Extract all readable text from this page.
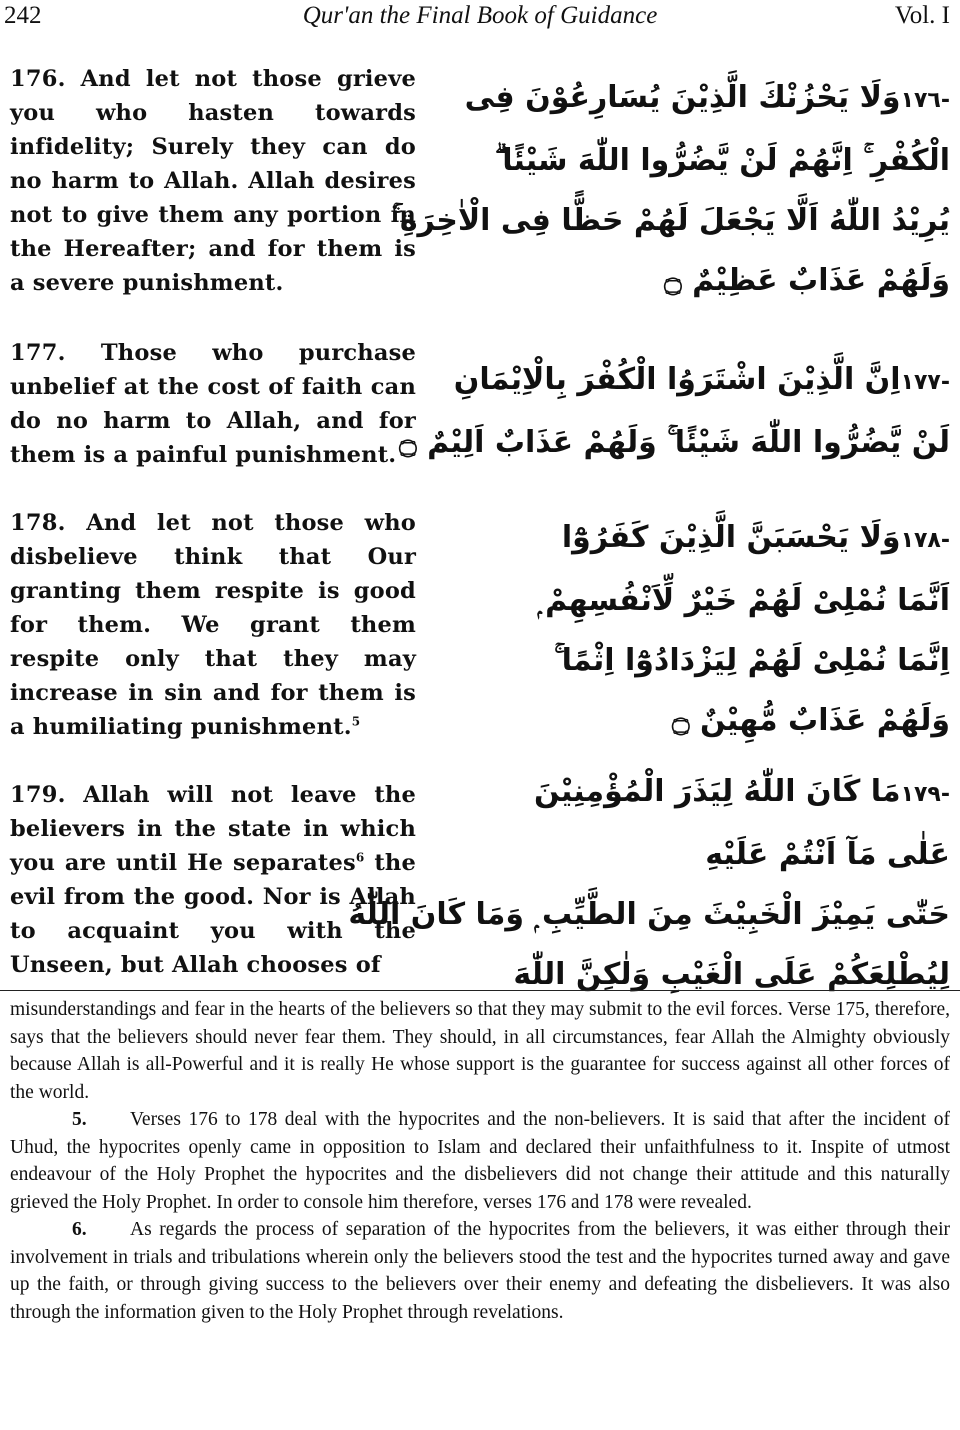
242	Qur'an the Final Book of Guidance	Vol. I
176. And let not those grieve you who hasten towards infidelity; Surely they can do no harm to Allah. Allah desires not to give them any portion in the Hereafter; and for them is a severe punishment.
-١٧٦وَلَا يَحْزُنْكَ الَّذِيْنَ يُسَارِعُوْنَ فِى
الْكُفْرِ ۚ اِنَّهُمْ لَنْ يَّضُرُّوا اللّٰهَ شَيْئًا ۗ
يُرِيْدُ اللّٰهُ اَلَّا يَجْعَلَ لَهُمْ حَظًّا فِى الْاٰخِرَةِ ۚ
وَلَهُمْ عَذَابٌ عَظِيْمٌ ۝
177. Those who purchase unbelief at the cost of faith can do no harm to Allah, and for them is a painful punishment.
-١٧٧اِنَّ الَّذِيْنَ اشْتَرَوُا الْكُفْرَ بِالْاِيْمَانِ
لَنْ يَّضُرُّوا اللّٰهَ شَيْئًا ۚ وَلَهُمْ عَذَابٌ اَلِيْمٌ ۝
178. And let not those who disbelieve think that Our granting them respite is good for them. We grant them respite only that they may increase in sin and for them is a humiliating punishment.$^5$
-١٧٨وَلَا يَحْسَبَنَّ الَّذِيْنَ كَفَرُوْٓا
اَنَّمَا نُمْلِىْ لَهُمْ خَيْرٌ لِّاَنْفُسِهِمْ ۭ
اِنَّمَا نُمْلِىْ لَهُمْ لِيَزْدَادُوْٓا اِثْمًا ۚ
وَلَهُمْ عَذَابٌ مُّهِيْنٌ ۝
179. Allah will not leave the believers in the state in which you are until He separates$^6$ the evil from the good. Nor is Allah to acquaint you with the Unseen, but Allah chooses of
-١٧٩مَا كَانَ اللّٰهُ لِيَذَرَ الْمُؤْمِنِيْنَ
عَلٰى مَآ اَنْتُمْ عَلَيْهِ
حَتّٰى يَمِيْزَ الْخَبِيْثَ مِنَ الطَّيِّبِ ۭ وَمَا كَانَ اللّٰهُ
لِيُطْلِعَكُمْ عَلَى الْغَيْبِ وَلٰكِنَّ اللّٰهَ

misunderstandings and fear in the hearts of the believers so that they may submit to the evil forces. Verse 175, therefore, says that the believers should never fear them. They should, in all circumstances, fear Allah the Almighty obviously because Allah is all-Powerful and it is really He whose support is the guarantee for success against all other forces of the world.

5. Verses 176 to 178 deal with the hypocrites and the non-believers. It is said that after the incident of Uhud, the hypocrites openly came in opposition to Islam and declared their unfaithfulness to it. Inspite of utmost endeavour of the Holy Prophet the hypocrites and the disbelievers did not change their attitude and this naturally grieved the Holy Prophet. In order to console him therefore, verses 176 and 178 were revealed.

6. As regards the process of separation of the hypocrites from the believers, it was either through their involvement in trials and tribulations wherein only the believers stood the test and the hypocrites turned away and gave up the faith, or through giving success to the believers over their enemy and defeating the disbelievers. It was also through the information given to the Holy Prophet through revelations.
